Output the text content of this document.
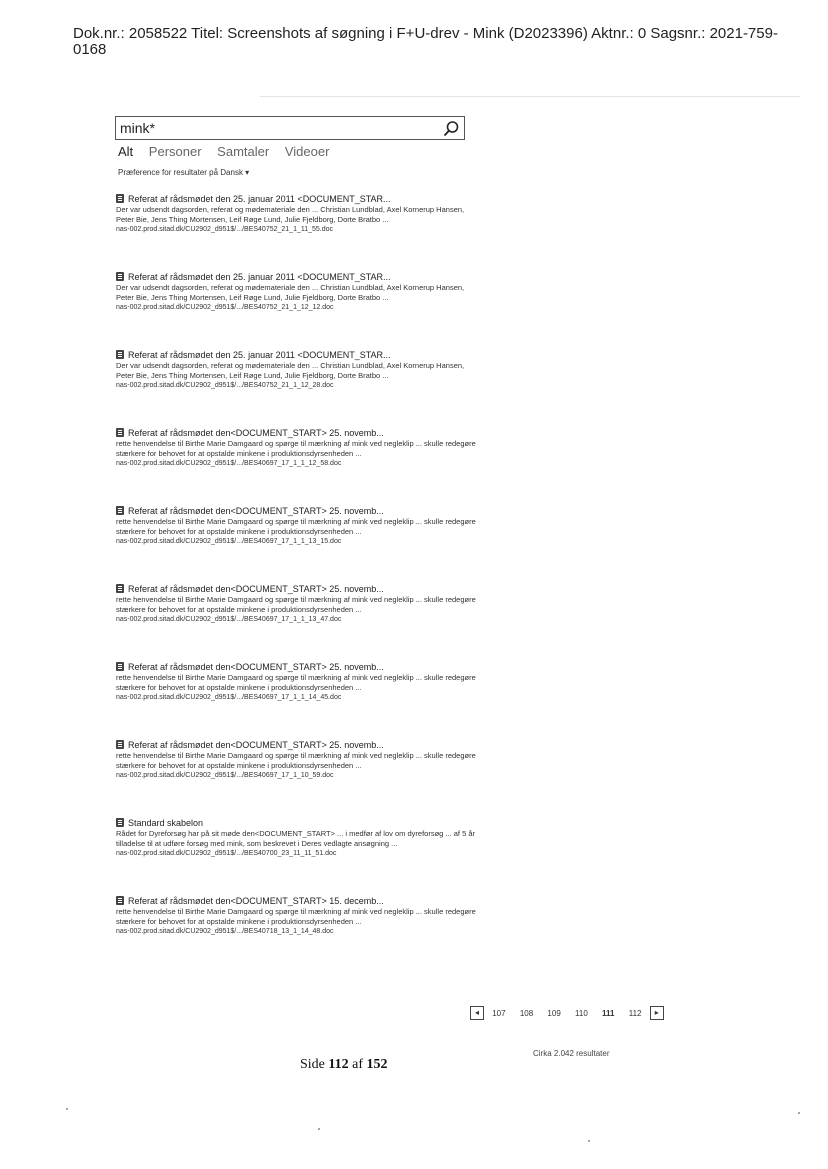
Dok.nr.: 2058522 Titel: Screenshots af søgning i F+U-drev - Mink (D2023396) Aktnr.: 0 Sagsnr.: 2021-759-0168
mink*
Alt Personer Samtaler Videoer
Præference for resultater på Dansk ▾
Referat af rådsmødet den 25. januar 2011 <DOCUMENT_STAR...
Der var udsendt dagsorden, referat og mødemateriale den ... Christian Lundblad, Axel Kornerup Hansen, Peter Bie, Jens Thing Mortensen, Leif Røge Lund, Julie Fjeldborg, Dorte Bratbo ...
nas-002.prod.sitad.dk/CU2902_d951$/.../BES40752_21_1_11_55.doc
Referat af rådsmødet den 25. januar 2011 <DOCUMENT_STAR...
Der var udsendt dagsorden, referat og mødemateriale den ... Christian Lundblad, Axel Kornerup Hansen, Peter Bie, Jens Thing Mortensen, Leif Røge Lund, Julie Fjeldborg, Dorte Bratbo ...
nas-002.prod.sitad.dk/CU2902_d951$/.../BES40752_21_1_12_12.doc
Referat af rådsmødet den 25. januar 2011 <DOCUMENT_STAR...
Der var udsendt dagsorden, referat og mødemateriale den ... Christian Lundblad, Axel Kornerup Hansen, Peter Bie, Jens Thing Mortensen, Leif Røge Lund, Julie Fjeldborg, Dorte Bratbo ...
nas-002.prod.sitad.dk/CU2902_d951$/.../BES40752_21_1_12_28.doc
Referat af rådsmødet den<DOCUMENT_START> 25. novemb...
rette henvendelse til Birthe Marie Damgaard og spørge til mærkning af mink ved negleklip ... skulle redegøre stærkere for behovet for at opstalde minkene i produktionsdyrsenheden ...
nas-002.prod.sitad.dk/CU2902_d951$/.../BES40697_17_1_1_12_58.doc
Referat af rådsmødet den<DOCUMENT_START> 25. novemb...
rette henvendelse til Birthe Marie Damgaard og spørge til mærkning af mink ved negleklip ... skulle redegøre stærkere for behovet for at opstalde minkene i produktionsdyrsenheden ...
nas-002.prod.sitad.dk/CU2902_d951$/.../BES40697_17_1_1_13_15.doc
Referat af rådsmødet den<DOCUMENT_START> 25. novemb...
rette henvendelse til Birthe Marie Damgaard og spørge til mærkning af mink ved negleklip ... skulle redegøre stærkere for behovet for at opstalde minkene i produktionsdyrsenheden ...
nas-002.prod.sitad.dk/CU2902_d951$/.../BES40697_17_1_1_13_47.doc
Referat af rådsmødet den<DOCUMENT_START> 25. novemb...
rette henvendelse til Birthe Marie Damgaard og spørge til mærkning af mink ved negleklip ... skulle redegøre stærkere for behovet for at opstalde minkene i produktionsdyrsenheden ...
nas-002.prod.sitad.dk/CU2902_d951$/.../BES40697_17_1_1_14_45.doc
Referat af rådsmødet den<DOCUMENT_START> 25. novemb...
rette henvendelse til Birthe Marie Damgaard og spørge til mærkning af mink ved negleklip ... skulle redegøre stærkere for behovet for at opstalde minkene i produktionsdyrsenheden ...
nas-002.prod.sitad.dk/CU2902_d951$/.../BES40697_17_1_10_59.doc
Standard skabelon
Rådet for Dyreforsøg har på sit møde den<DOCUMENT_START> ... i medfør af lov om dyreforsøg ... af 5 år tilladelse til at udføre forsøg med mink, som beskrevet i Deres vedlagte ansøgning ...
nas-002.prod.sitad.dk/CU2902_d951$/.../BES40700_23_11_11_51.doc
Referat af rådsmødet den<DOCUMENT_START> 15. decemb...
rette henvendelse til Birthe Marie Damgaard og spørge til mærkning af mink ved negleklip ... skulle redegøre stærkere for behovet for at opstalde minkene i produktionsdyrsenheden ...
nas-002.prod.sitad.dk/CU2902_d951$/.../BES40718_13_1_14_48.doc
◂ 107 108 109 110 111 112 ▸
Cirka 2.042 resultater
Side 112 af 152
